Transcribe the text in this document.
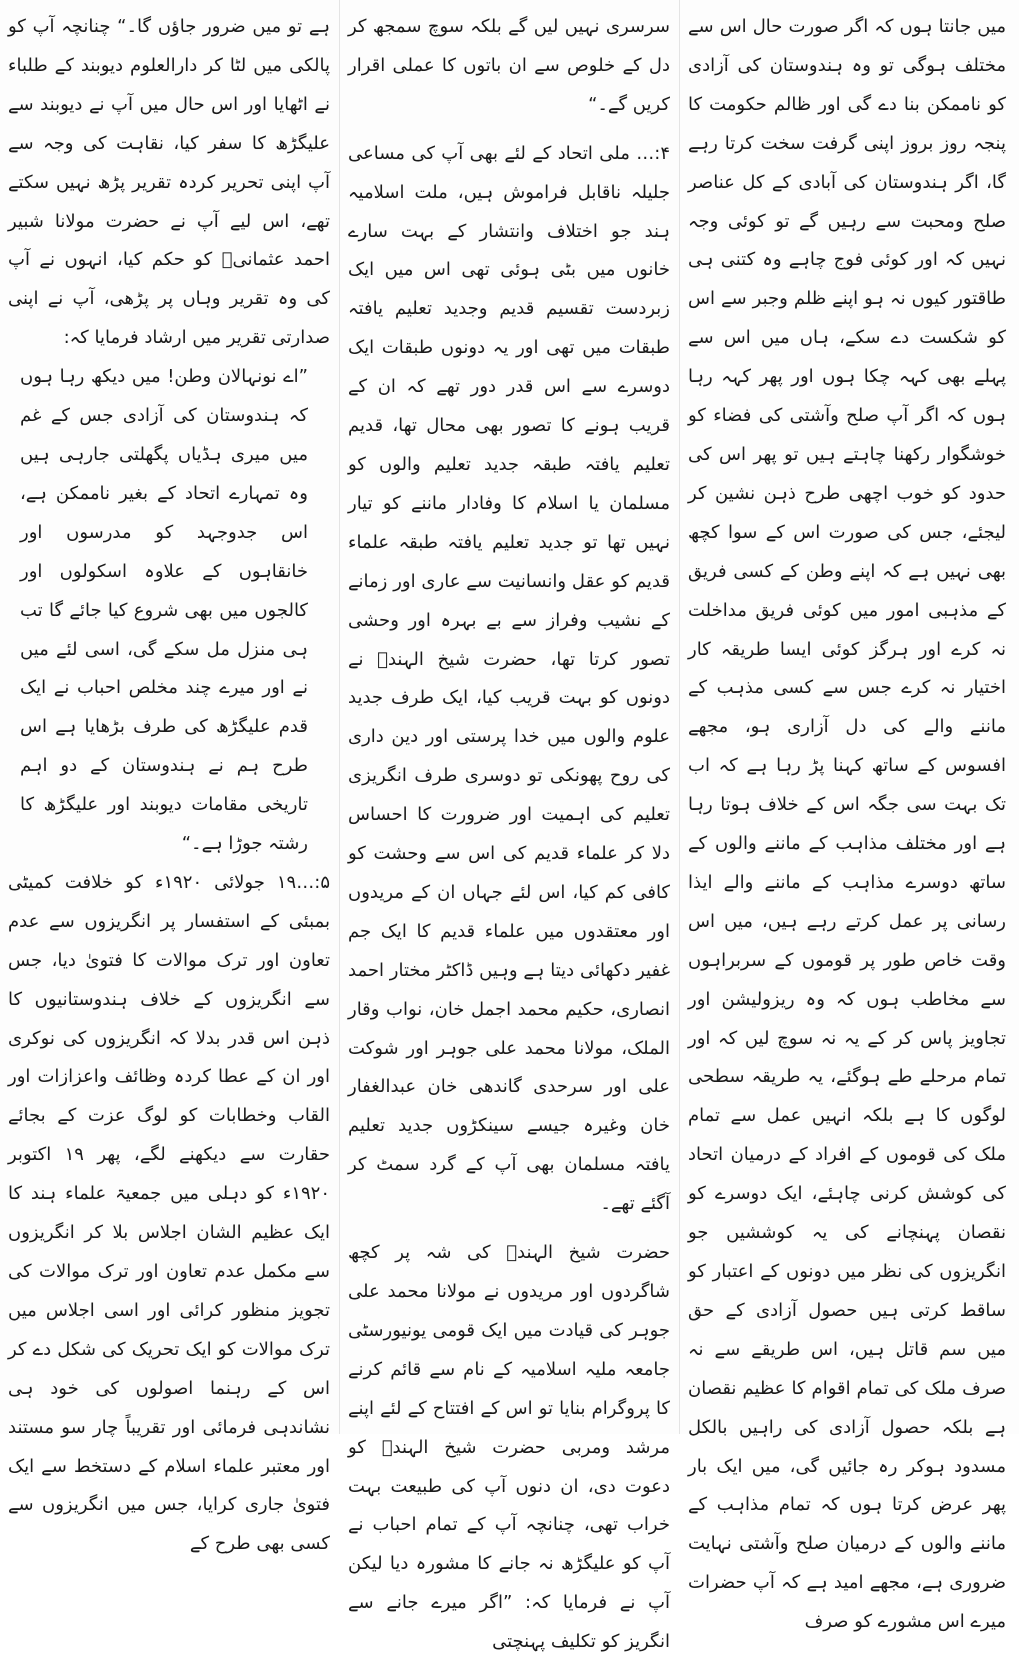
میں جانتا ہوں کہ اگر صورت حال اس سے مختلف ہوگی تو وہ ہندوستان کی آزادی کو ناممکن بنا دے گی اور ظالم حکومت کا پنجہ روز بروز اپنی گرفت سخت کرتا رہے گا، اگر ہندوستان کی آبادی کے کل عناصر صلح ومحبت سے رہیں گے تو کوئی وجہ نہیں کہ اور کوئی فوج چاہے وہ کتنی ہی طاقتور کیوں نہ ہو اپنے ظلم وجبر سے اس کو شکست دے سکے، ہاں میں اس سے پہلے بھی کہہ چکا ہوں اور پھر کہہ رہا ہوں کہ اگر آپ صلح وآشتی کی فضاء کو خوشگوار رکھنا چاہتے ہیں تو پھر اس کی حدود کو خوب اچھی طرح ذہن نشین کر لیجئے، جس کی صورت اس کے سوا کچھ بھی نہیں ہے کہ اپنے وطن کے کسی فریق کے مذہبی امور میں کوئی فریق مداخلت نہ کرے اور ہرگز کوئی ایسا طریقہ کار اختیار نہ کرے جس سے کسی مذہب کے ماننے والے کی دل آزاری ہو، مجھے افسوس کے ساتھ کہنا پڑ رہا ہے کہ اب تک بہت سی جگہ اس کے خلاف ہوتا رہا ہے اور مختلف مذاہب کے ماننے والوں کے ساتھ دوسرے مذاہب کے ماننے والے ایذا رسانی پر عمل کرتے رہے ہیں، میں اس وقت خاص طور پر قوموں کے سربراہوں سے مخاطب ہوں کہ وہ ریزولیشن اور تجاویز پاس کر کے یہ نہ سوچ لیں کہ اور تمام مرحلے طے ہوگئے، یہ طریقہ سطحی لوگوں کا ہے بلکہ انہیں عمل سے تمام ملک کی قوموں کے افراد کے درمیان اتحاد کی کوشش کرنی چاہئے، ایک دوسرے کو نقصان پہنچانے کی یہ کوششیں جو انگریزوں کی نظر میں دونوں کے اعتبار کو ساقط کرتی ہیں حصول آزادی کے حق میں سم قاتل ہیں، اس طریقے سے نہ صرف ملک کی تمام اقوام کا عظیم نقصان ہے بلکہ حصول آزادی کی راہیں بالکل مسدود ہوکر رہ جائیں گی، میں ایک بار پھر عرض کرتا ہوں کہ تمام مذاہب کے ماننے والوں کے درمیان صلح وآشتی نہایت ضروری ہے، مجھے امید ہے کہ آپ حضرات میرے اس مشورے کو صرف

سرسری نہیں لیں گے بلکہ سوچ سمجھ کر دل کے خلوص سے ان باتوں کا عملی اقرار کریں گے۔“

۴:… ملی اتحاد کے لئے بھی آپ کی مساعی جلیلہ ناقابل فراموش ہیں، ملت اسلامیہ ہند جو اختلاف وانتشار کے بہت سارے خانوں میں بٹی ہوئی تھی اس میں ایک زبردست تقسیم قدیم وجدید تعلیم یافتہ طبقات میں تھی اور یہ دونوں طبقات ایک دوسرے سے اس قدر دور تھے کہ ان کے قریب ہونے کا تصور بھی محال تھا، قدیم تعلیم یافتہ طبقہ جدید تعلیم والوں کو مسلمان یا اسلام کا وفادار ماننے کو تیار نہیں تھا تو جدید تعلیم یافتہ طبقہ علماء قدیم کو عقل وانسانیت سے عاری اور زمانے کے نشیب وفراز سے بے بہرہ اور وحشی تصور کرتا تھا، حضرت شیخ الہندؒ نے دونوں کو بہت قریب کیا، ایک طرف جدید علوم والوں میں خدا پرستی اور دین داری کی روح پھونکی تو دوسری طرف انگریزی تعلیم کی اہمیت اور ضرورت کا احساس دلا کر علماء قدیم کی اس سے وحشت کو کافی کم کیا، اس لئے جہاں ان کے مریدوں اور معتقدوں میں علماء قدیم کا ایک جم غفیر دکھائی دیتا ہے وہیں ڈاکٹر مختار احمد انصاری، حکیم محمد اجمل خان، نواب وقار الملک، مولانا محمد علی جوہر اور شوکت علی اور سرحدی گاندھی خان عبدالغفار خان وغیرہ جیسے سینکڑوں جدید تعلیم یافتہ مسلمان بھی آپ کے گرد سمٹ کر آگئے تھے۔

حضرت شیخ الہندؒ کی شہ پر کچھ شاگردوں اور مریدوں نے مولانا محمد علی جوہر کی قیادت میں ایک قومی یونیورسٹی جامعہ ملیہ اسلامیہ کے نام سے قائم کرنے کا پروگرام بنایا تو اس کے افتتاح کے لئے اپنے مرشد ومربی حضرت شیخ الہندؒ کو دعوت دی، ان دنوں آپ کی طبیعت بہت خراب تھی، چنانچہ آپ کے تمام احباب نے آپ کو علیگڑھ نہ جانے کا مشورہ دیا لیکن آپ نے فرمایا کہ: ”اگر میرے جانے سے انگریز کو تکلیف پہنچتی

ہے تو میں ضرور جاؤں گا۔“ چنانچہ آپ کو پالکی میں لٹا کر دارالعلوم دیوبند کے طلباء نے اٹھایا اور اس حال میں آپ نے دیوبند سے علیگڑھ کا سفر کیا، نقاہت کی وجہ سے آپ اپنی تحریر کردہ تقریر پڑھ نہیں سکتے تھے، اس لیے آپ نے حضرت مولانا شبیر احمد عثمانیؒ کو حکم کیا، انہوں نے آپ کی وہ تقریر وہاں پر پڑھی، آپ نے اپنی صدارتی تقریر میں ارشاد فرمایا کہ:

”اے نونہالان وطن! میں دیکھ رہا ہوں کہ ہندوستان کی آزادی جس کے غم میں میری ہڈیاں پگھلتی جارہی ہیں وہ تمہارے اتحاد کے بغیر ناممکن ہے، اس جدوجہد کو مدرسوں اور خانقاہوں کے علاوہ اسکولوں اور کالجوں میں بھی شروع کیا جائے گا تب ہی منزل مل سکے گی، اسی لئے میں نے اور میرے چند مخلص احباب نے ایک قدم علیگڑھ کی طرف بڑھایا ہے اس طرح ہم نے ہندوستان کے دو اہم تاریخی مقامات دیوبند اور علیگڑھ کا رشتہ جوڑا ہے۔“

۵:…۱۹ جولائی ۱۹۲۰ء کو خلافت کمیٹی بمبئی کے استفسار پر انگریزوں سے عدم تعاون اور ترک موالات کا فتویٰ دیا، جس سے انگریزوں کے خلاف ہندوستانیوں کا ذہن اس قدر بدلا کہ انگریزوں کی نوکری اور ان کے عطا کردہ وظائف واعزازات اور القاب وخطابات کو لوگ عزت کے بجائے حقارت سے دیکھنے لگے، پھر ۱۹ اکتوبر ۱۹۲۰ء کو دہلی میں جمعیۃ علماء ہند کا ایک عظیم الشان اجلاس بلا کر انگریزوں سے مکمل عدم تعاون اور ترک موالات کی تجویز منظور کرائی اور اسی اجلاس میں ترک موالات کو ایک تحریک کی شکل دے کر اس کے رہنما اصولوں کی خود ہی نشاندہی فرمائی اور تقریباً چار سو مستند اور معتبر علماء اسلام کے دستخط سے ایک فتویٰ جاری کرایا، جس میں انگریزوں سے کسی بھی طرح کے
